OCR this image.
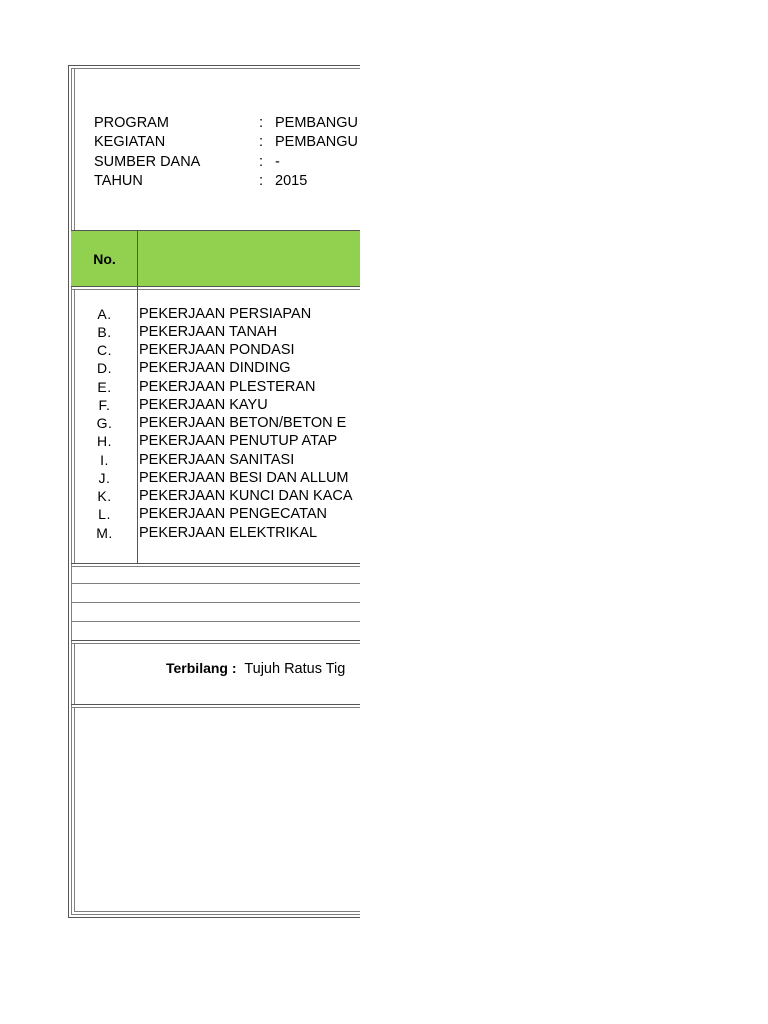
PROGRAM	: PEMBANGU
KEGIATAN	: PEMBANGU
SUMBER DANA	: -
TAHUN	: 2015
No.
A.	PEKERJAAN PERSIAPAN
B.	PEKERJAAN TANAH
C.	PEKERJAAN PONDASI
D.	PEKERJAAN DINDING
E.	PEKERJAAN PLESTERAN
F.	PEKERJAAN KAYU
G.	PEKERJAAN BETON/BETON E
H.	PEKERJAAN PENUTUP ATAP
I.	PEKERJAAN SANITASI
J.	PEKERJAAN BESI DAN ALLUM
K.	PEKERJAAN KUNCI DAN KACA
L.	PEKERJAAN PENGECATAN
M.	PEKERJAAN ELEKTRIKAL
Terbilang : Tujuh Ratus Tig
